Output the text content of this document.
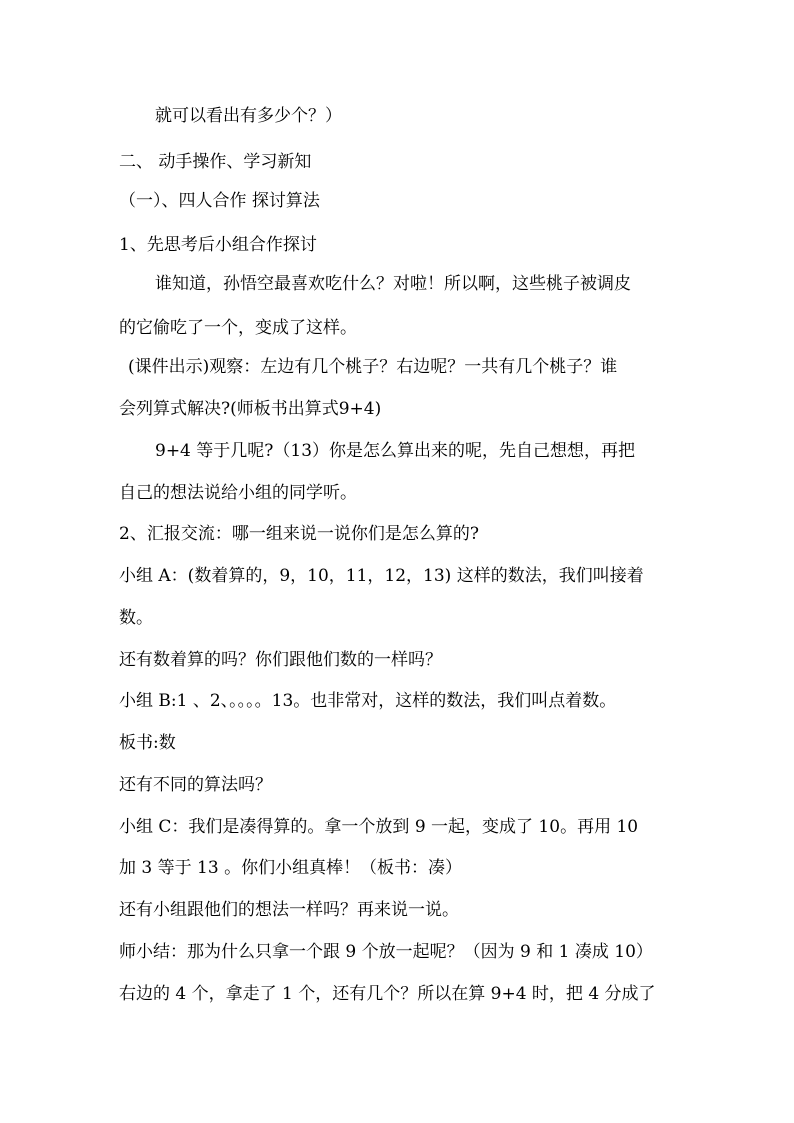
就可以看出有多少个？）
二、 动手操作、学习新知
（一）、四人合作 探讨算法
1、先思考后小组合作探讨
谁知道，孙悟空最喜欢吃什么？对啦！所以啊，这些桃子被调皮
的它偷吃了一个，变成了这样。
(课件出示)观察：左边有几个桃子？右边呢？一共有几个桃子？谁
会列算式解决?(师板书出算式9+4)
9+4 等于几呢?（13）你是怎么算出来的呢，先自己想想，再把
自己的想法说给小组的同学听。
2、汇报交流：哪一组来说一说你们是怎么算的?
小组 A：(数着算的，9，10，11，12，13) 这样的数法，我们叫接着
数。
还有数着算的吗？你们跟他们数的一样吗？
小组 B:1 、2、。。。。13。也非常对，这样的数法，我们叫点着数。
板书:数
还有不同的算法吗？
小组 C：我们是凑得算的。拿一个放到 9 一起，变成了 10。再用 10
加 3 等于 13 。你们小组真棒！（板书：凑）
还有小组跟他们的想法一样吗？再来说一说。
师小结：那为什么只拿一个跟 9 个放一起呢？（因为 9 和 1 凑成 10）
右边的 4 个，拿走了 1 个，还有几个？所以在算 9+4 时，把 4 分成了
